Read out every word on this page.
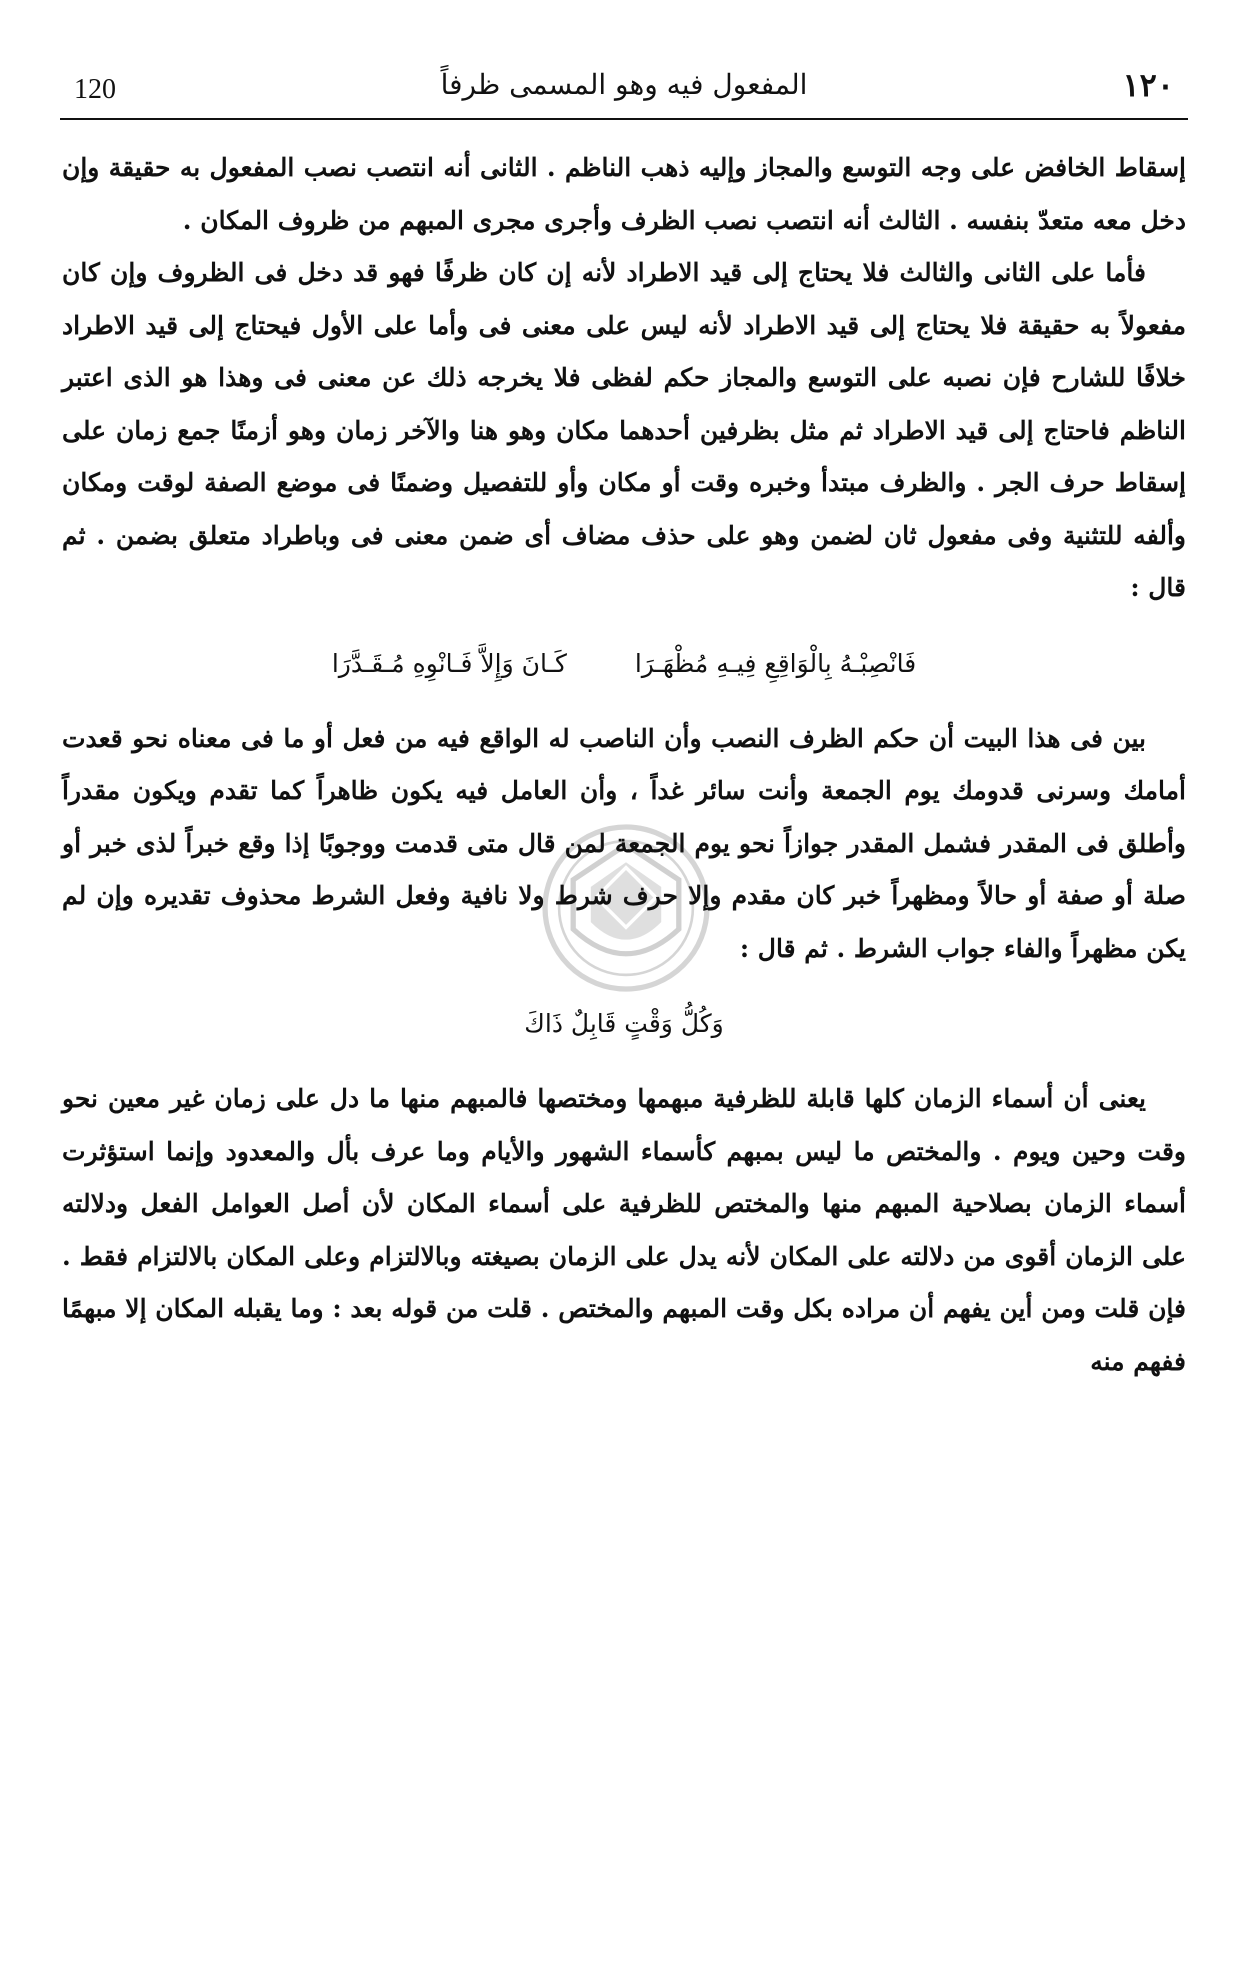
120	المفعول فيه وهو المسمى ظرفاً	١٢٠

إسقاط الخافض على وجه التوسع والمجاز وإليه ذهب الناظم . الثانى أنه انتصب نصب المفعول به حقيقة وإن دخل معه متعدّ بنفسه . الثالث أنه انتصب نصب الظرف وأجرى مجرى المبهم من ظروف المكان .

فأما على الثانى والثالث فلا يحتاج إلى قيد الاطراد لأنه إن كان ظرفًا فهو قد دخل فى الظروف وإن كان مفعولاً به حقيقة فلا يحتاج إلى قيد الاطراد لأنه ليس على معنى فى وأما على الأول فيحتاج إلى قيد الاطراد خلافًا للشارح فإن نصبه على التوسع والمجاز حكم لفظى فلا يخرجه ذلك عن معنى فى وهذا هو الذى اعتبر الناظم فاحتاج إلى قيد الاطراد ثم مثل بظرفين أحدهما مكان وهو هنا والآخر زمان وهو أزمنًا جمع زمان على إسقاط حرف الجر . والظرف مبتدأ وخبره وقت أو مكان وأو للتفصيل وضمنًا فى موضع الصفة لوقت ومكان وألفه للتثنية وفى مفعول ثان لضمن وهو على حذف مضاف أى ضمن معنى فى وباطراد متعلق بضمن . ثم قال :

فَانْصِبْـهُ بِالْوَاقِعِ فِيـهِ مُظْهَـرَا كَـانَ وَإِلاَّ فَـانْوِهِ مُـقَـدَّرَا

بين فى هذا البيت أن حكم الظرف النصب وأن الناصب له الواقع فيه من فعل أو ما فى معناه نحو قعدت أمامك وسرنى قدومك يوم الجمعة وأنت سائر غداً ، وأن العامل فيه يكون ظاهراً كما تقدم ويكون مقدراً وأطلق فى المقدر فشمل المقدر جوازاً نحو يوم الجمعة لمن قال متى قدمت ووجوبًا إذا وقع خبراً لذى خبر أو صلة أو صفة أو حالاً ومظهراً خبر كان مقدم وإلا حرف شرط ولا نافية وفعل الشرط محذوف تقديره وإن لم يكن مظهراً والفاء جواب الشرط . ثم قال :

وَكُلُّ وَقْتٍ قَابِلٌ ذَاكَ

يعنى أن أسماء الزمان كلها قابلة للظرفية مبهمها ومختصها فالمبهم منها ما دل على زمان غير معين نحو وقت وحين ويوم . والمختص ما ليس بمبهم كأسماء الشهور والأيام وما عرف بأل والمعدود وإنما استؤثرت أسماء الزمان بصلاحية المبهم منها والمختص للظرفية على أسماء المكان لأن أصل العوامل الفعل ودلالته على الزمان أقوى من دلالته على المكان لأنه يدل على الزمان بصيغته وبالالتزام وعلى المكان بالالتزام فقط . فإن قلت ومن أين يفهم أن مراده بكل وقت المبهم والمختص . قلت من قوله بعد : وما يقبله المكان إلا مبهمًا ففهم منه
